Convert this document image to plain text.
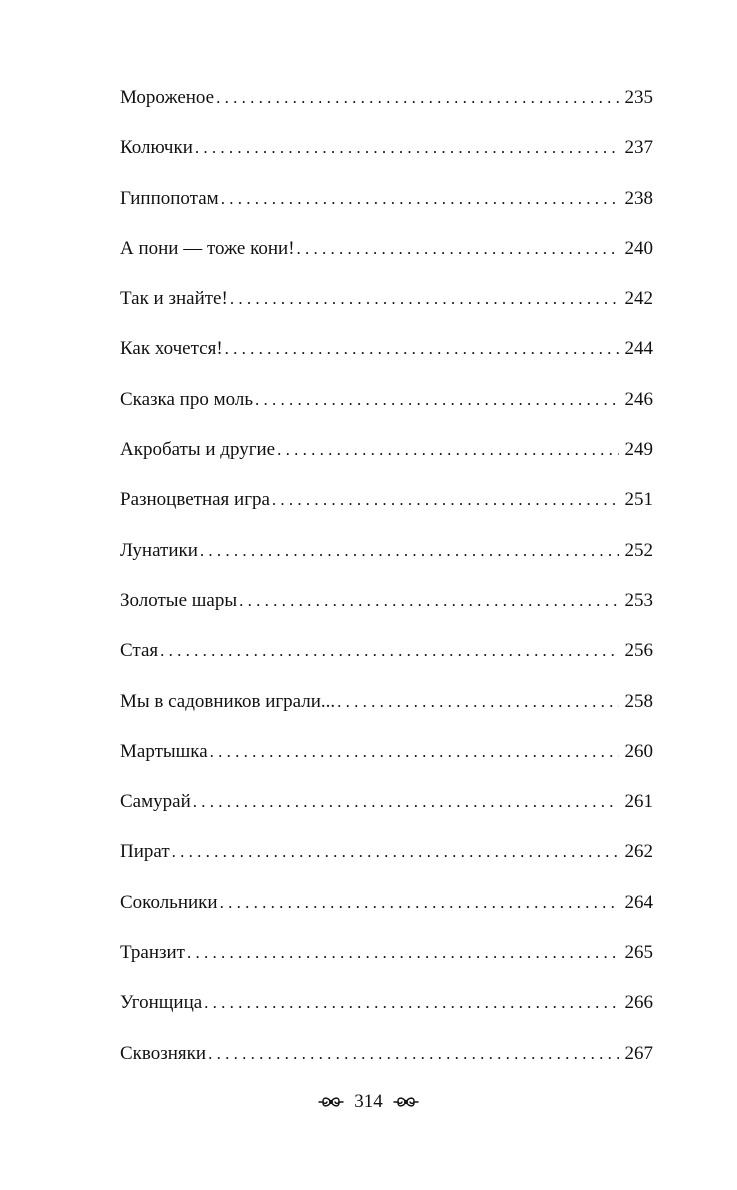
Мороженое . . .	235
Колючки . . .	237
Гиппопотам . . .	238
А пони — тоже кони! . . .	240
Так и знайте! . . .	242
Как хочется! . . .	244
Сказка про моль . . .	246
Акробаты и другие . . .	249
Разноцветная игра . . .	251
Лунатики . . .	252
Золотые шары . . .	253
Стая . . .	256
Мы в садовников играли... . . .	258
Мартышка . . .	260
Самурай . . .	261
Пират . . .	262
Сокольники . . .	264
Транзит . . .	265
Угонщица . . .	266
Сквозняки . . .	267
314
